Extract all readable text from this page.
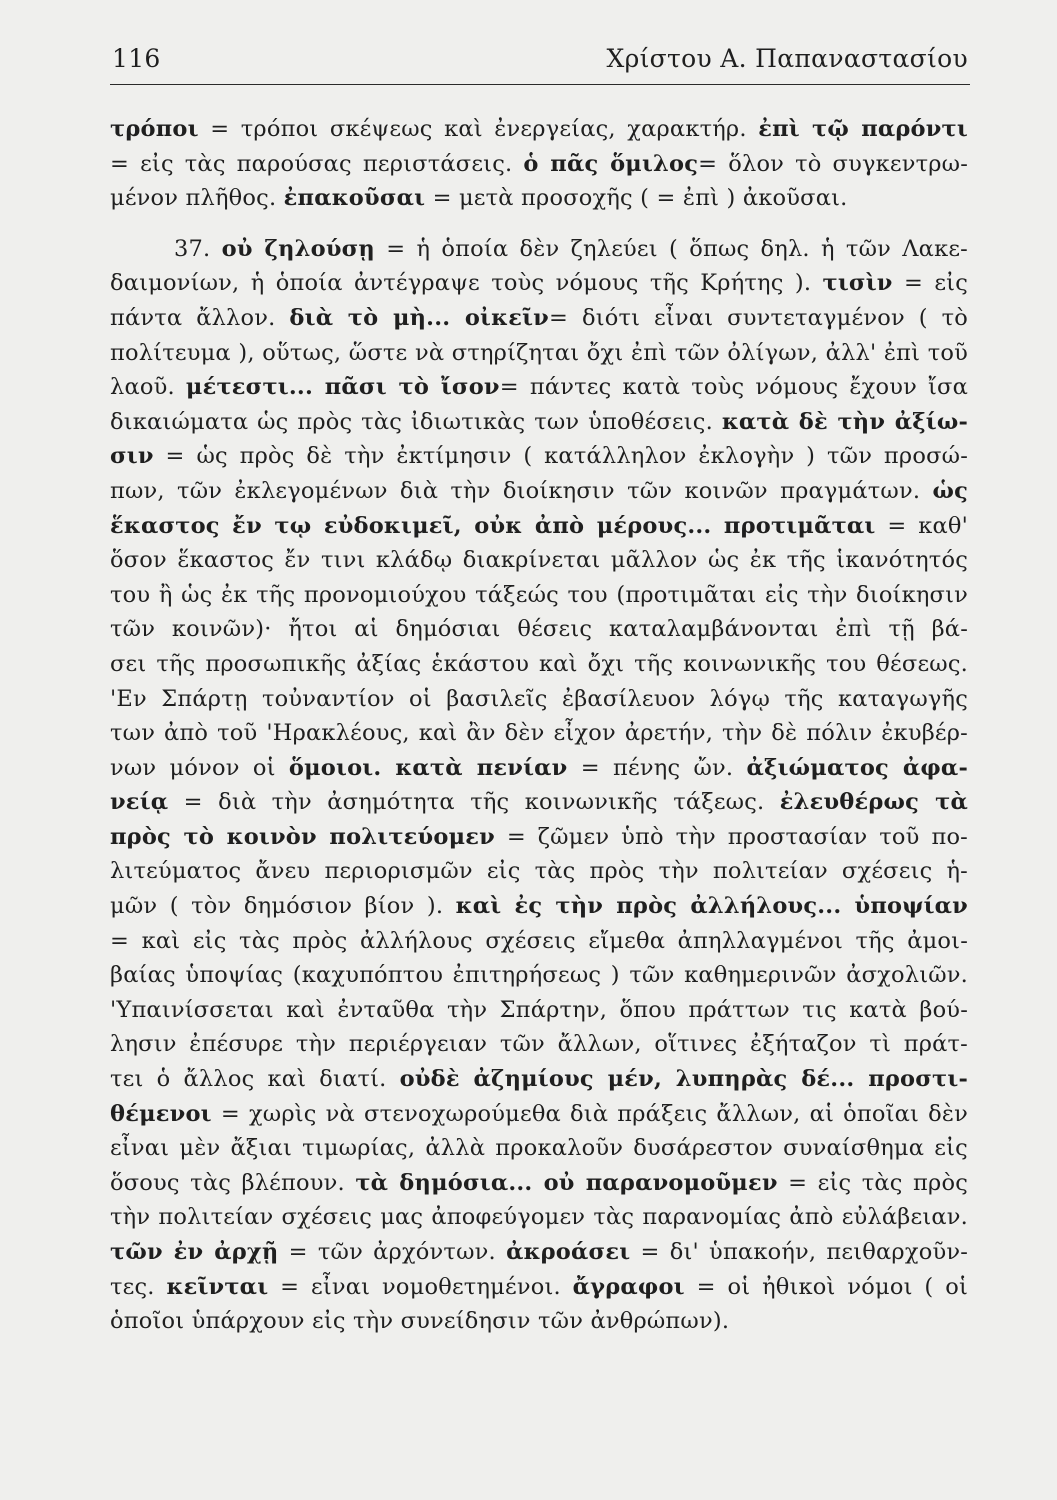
116	Χρίστου Α. Παπαναστασίου
τρόποι = τρόποι σκέψεως καὶ ἐνεργείας, χαρακτήρ. ἐπὶ τῷ παρόντι
= εἰς τὰς παρούσας περιστάσεις. ὁ πᾶς ὅμιλος= ὅλον τὸ συγκεντρω-
μένον πλῆθος. ἐπακοῦσαι = μετὰ προσοχῆς ( = ἐπὶ ) ἀκοῦσαι.
37. οὐ ζηλούσῃ = ἡ ὁποία δὲν ζηλεύει ( ὅπως δηλ. ἡ τῶν Λακε-
δαιμονίων, ἡ ὁποία ἀντέγραψε τοὺς νόμους τῆς Κρήτης ). τισὶν = εἰς
πάντα ἄλλον. διὰ τὸ μὴ... οἰκεῖν= διότι εἶναι συντεταγμένον ( τὸ
πολίτευμα ), οὕτως, ὥστε νὰ στηρίζηται ὄχι ἐπὶ τῶν ὀλίγων, ἀλλ' ἐπὶ τοῦ
λαοῦ. μέτεστι... πᾶσι τὸ ἴσον= πάντες κατὰ τοὺς νόμους ἔχουν ἴσα
δικαιώματα ὡς πρὸς τὰς ἰδιωτικὰς των ὑποθέσεις. κατὰ δὲ τὴν ἀξίω-
σιν = ὡς πρὸς δὲ τὴν ἐκτίμησιν ( κατάλληλον ἐκλογὴν ) τῶν προσώ-
πων, τῶν ἐκλεγομένων διὰ τὴν διοίκησιν τῶν κοινῶν πραγμάτων. ὡς
ἕκαστος ἔν τῳ εὐδοκιμεῖ, οὐκ ἀπὸ μέρους... προτιμᾶται = καθ'
ὅσον ἕκαστος ἔν τινι κλάδῳ διακρίνεται μᾶλλον ὡς ἐκ τῆς ἱκανότητός
του ἢ ὡς ἐκ τῆς προνομιούχου τάξεώς του (προτιμᾶται εἰς τὴν διοίκησιν
τῶν κοινῶν)· ἤτοι αἱ δημόσιαι θέσεις καταλαμβάνονται ἐπὶ τῇ βά-
σει τῆς προσωπικῆς ἀξίας ἑκάστου καὶ ὄχι τῆς κοινωνικῆς του θέσεως.
'Εν Σπάρτῃ τοὐναντίον οἱ βασιλεῖς ἐβασίλευον λόγῳ τῆς καταγωγῆς
των ἀπὸ τοῦ 'Ηρακλέους, καὶ ἂν δὲν εἶχον ἀρετήν, τὴν δὲ πόλιν ἐκυβέρ-
νων μόνον οἱ ὅμοιοι. κατὰ πενίαν = πένης ὤν. ἀξιώματος ἀφα-
νείᾳ = διὰ τὴν ἀσημότητα τῆς κοινωνικῆς τάξεως. ἐλευθέρως τὰ
πρὸς τὸ κοινὸν πολιτεύομεν = ζῶμεν ὑπὸ τὴν προστασίαν τοῦ πο-
λιτεύματος ἄνευ περιορισμῶν εἰς τὰς πρὸς τὴν πολιτείαν σχέσεις ἡ-
μῶν ( τὸν δημόσιον βίον ). καὶ ἐς τὴν πρὸς ἀλλήλους... ὑποψίαν
= καὶ εἰς τὰς πρὸς ἀλλήλους σχέσεις εἴμεθα ἀπηλλαγμένοι τῆς ἀμοι-
βαίας ὑποψίας (καχυπόπτου ἐπιτηρήσεως ) τῶν καθημερινῶν ἀσχολιῶν.
'Υπαινίσσεται καὶ ἐνταῦθα τὴν Σπάρτην, ὅπου πράττων τις κατὰ βού-
λησιν ἐπέσυρε τὴν περιέργειαν τῶν ἄλλων, οἵτινες ἐξήταζον τὶ πράτ-
τει ὁ ἄλλος καὶ διατί. οὐδὲ ἀζημίους μέν, λυπηρὰς δέ... προστι-
θέμενοι = χωρὶς νὰ στενοχωρούμεθα διὰ πράξεις ἄλλων, αἱ ὁποῖαι δὲν
εἶναι μὲν ἄξιαι τιμωρίας, ἀλλὰ προκαλοῦν δυσάρεστον συναίσθημα εἰς
ὅσους τὰς βλέπουν. τὰ δημόσια... οὐ παρανομοῦμεν = εἰς τὰς πρὸς
τὴν πολιτείαν σχέσεις μας ἀποφεύγομεν τὰς παρανομίας ἀπὸ εὐλάβειαν.
τῶν ἐν ἀρχῇ = τῶν ἀρχόντων. ἀκροάσει = δι' ὑπακοήν, πειθαρχοῦν-
τες. κεῖνται = εἶναι νομοθετημένοι. ἄγραφοι = οἱ ἠθικοὶ νόμοι ( οἱ
ὁποῖοι ὑπάρχουν εἰς τὴν συνείδησιν τῶν ἀνθρώπων).
